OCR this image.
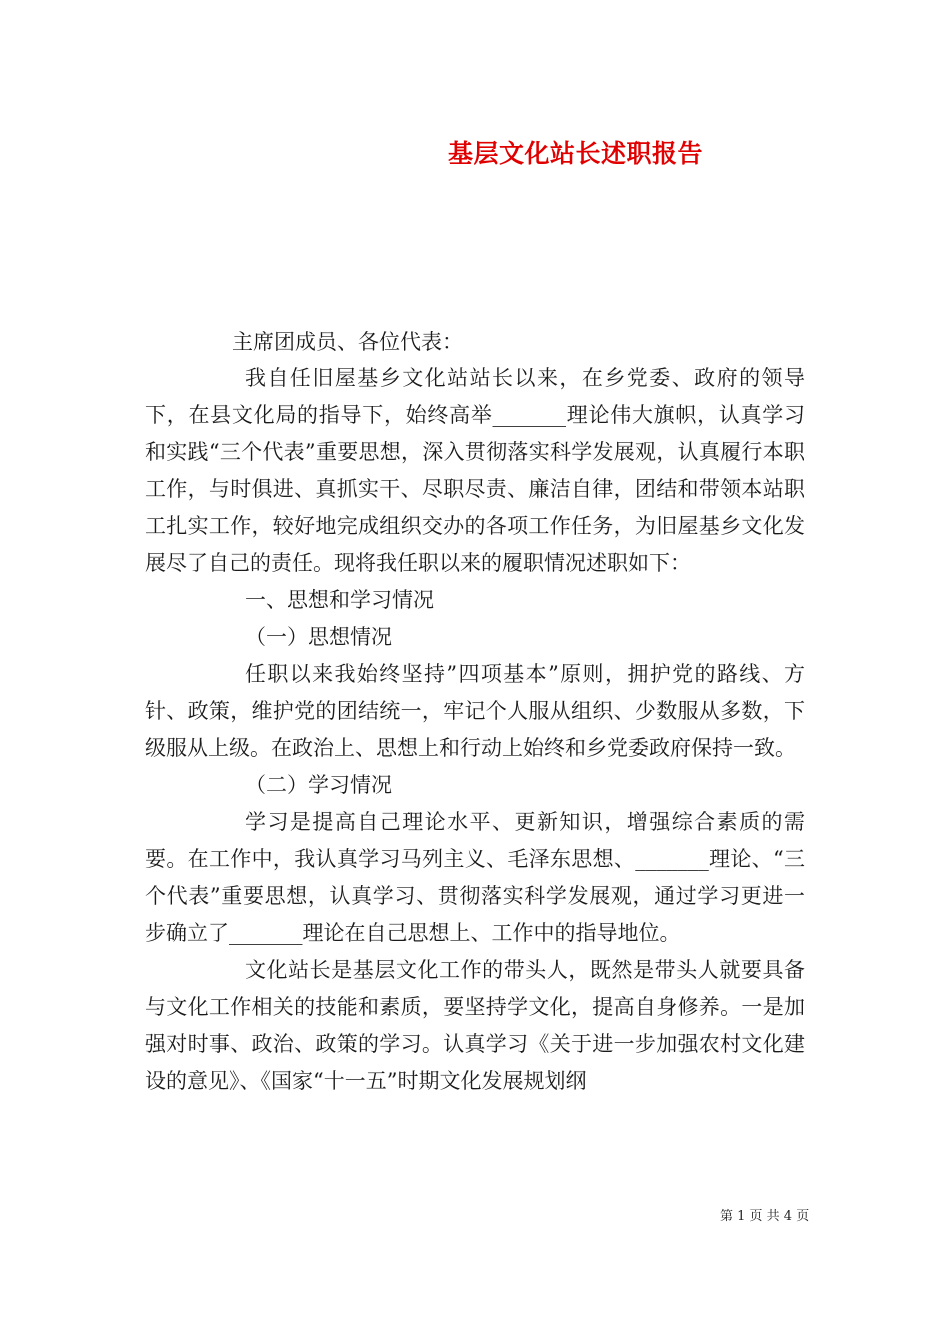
基层文化站长述职报告
主席团成员、各位代表：

我自任旧屋基乡文化站站长以来，在乡党委、政府的领导下，在县文化局的指导下，始终高举_______理论伟大旗帜，认真学习和实践“三个代表”重要思想，深入贯彻落实科学发展观，认真履行本职工作，与时俱进、真抓实干、尽职尽责、廉洁自律，团结和带领本站职工扎实工作，较好地完成组织交办的各项工作任务，为旧屋基乡文化发展尽了自己的责任。现将我任职以来的履职情况述职如下：

一、思想和学习情况

（一）思想情况

任职以来我始终坚持”四项基本”原则，拥护党的路线、方针、政策，维护党的团结统一，牢记个人服从组织、少数服从多数，下级服从上级。在政治上、思想上和行动上始终和乡党委政府保持一致。

（二）学习情况

学习是提高自己理论水平、更新知识，增强综合素质的需要。在工作中，我认真学习马列主义、毛泽东思想、_______理论、“三个代表”重要思想，认真学习、贯彻落实科学发展观，通过学习更进一步确立了_______理论在自己思想上、工作中的指导地位。

文化站长是基层文化工作的带头人，既然是带头人就要具备与文化工作相关的技能和素质，要坚持学文化，提高自身修养。一是加强对时事、政治、政策的学习。认真学习《关于进一步加强农村文化建设的意见》、《国家“十一五”时期文化发展规划纲

第 1 页 共 4 页
